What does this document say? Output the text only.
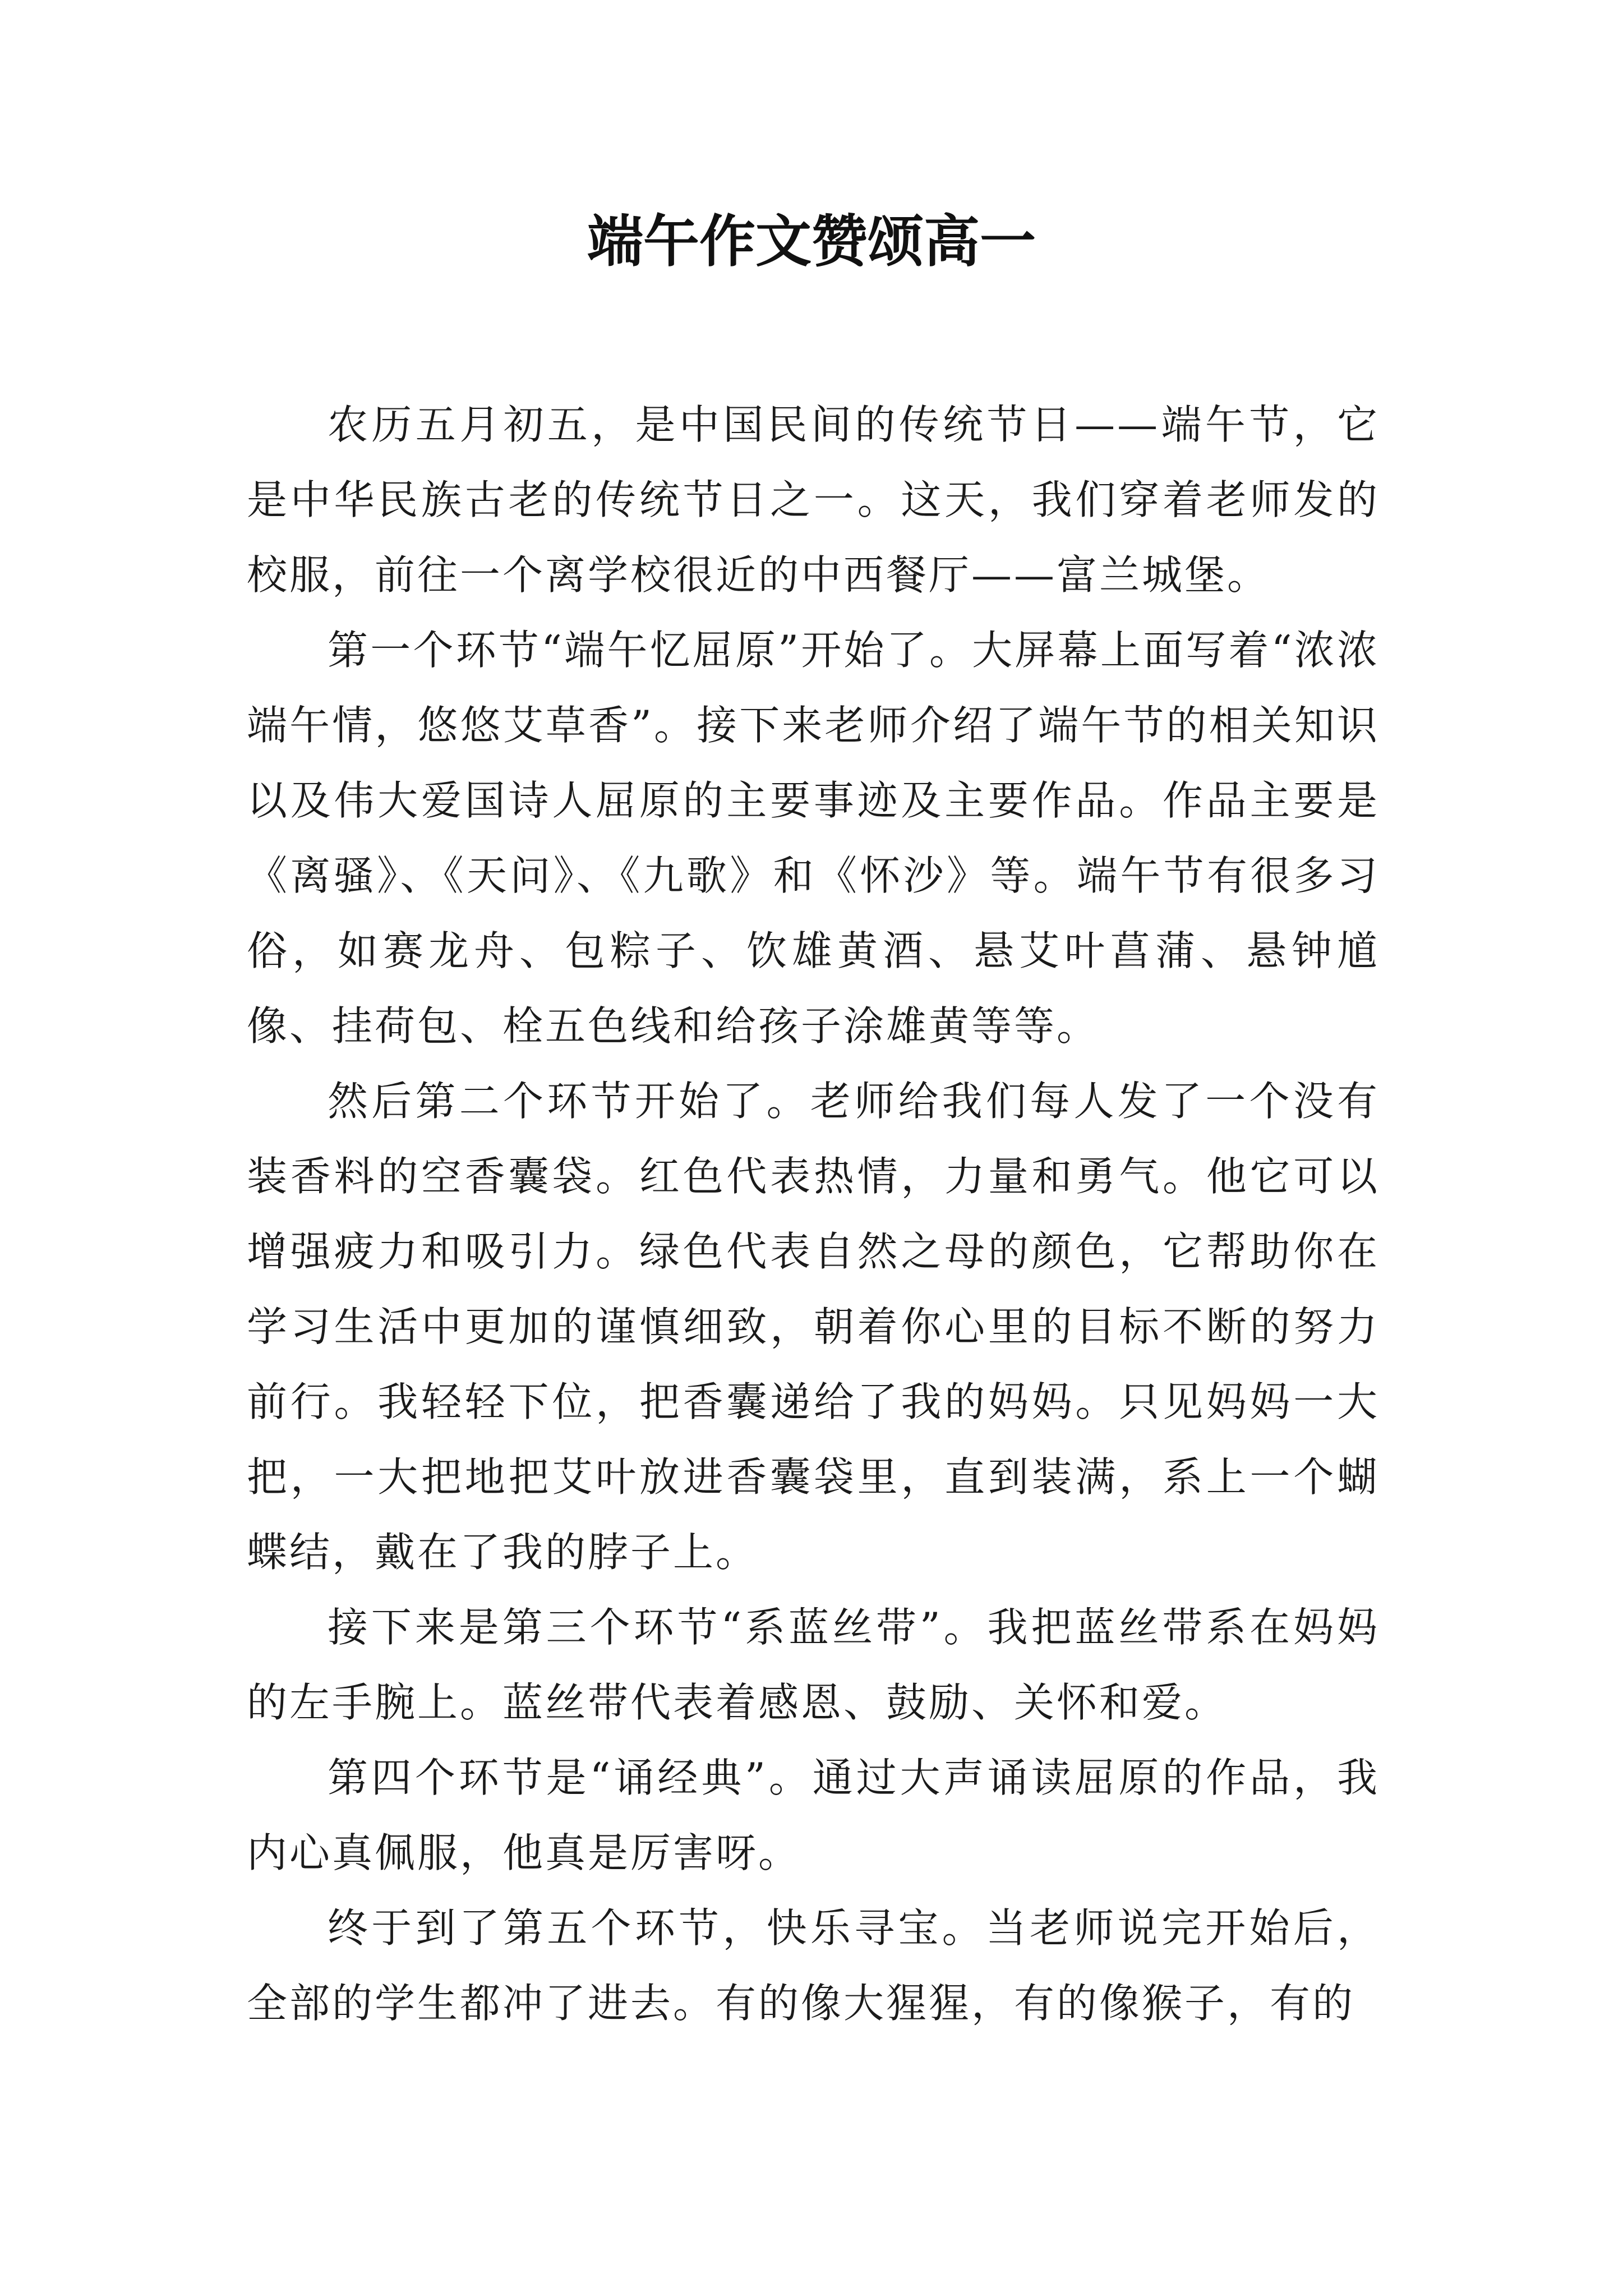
端午作文赞颂高一

农历五月初五，是中国民间的传统节日——端午节，它是中华民族古老的传统节日之一。这天，我们穿着老师发的校服，前往一个离学校很近的中西餐厅——富兰城堡。

第一个环节“端午忆屈原”开始了。大屏幕上面写着“浓浓端午情，悠悠艾草香”。接下来老师介绍了端午节的相关知识以及伟大爱国诗人屈原的主要事迹及主要作品。作品主要是《离骚》、《天问》、《九歌》和《怀沙》等。端午节有很多习俗，如赛龙舟、包粽子、饮雄黄酒、悬艾叶菖蒲、悬钟馗像、挂荷包、栓五色线和给孩子涂雄黄等等。

然后第二个环节开始了。老师给我们每人发了一个没有装香料的空香囊袋。红色代表热情，力量和勇气。他它可以增强疲力和吸引力。绿色代表自然之母的颜色，它帮助你在学习生活中更加的谨慎细致，朝着你心里的目标不断的努力前行。我轻轻下位，把香囊递给了我的妈妈。只见妈妈一大把，一大把地把艾叶放进香囊袋里，直到装满，系上一个蝴蝶结，戴在了我的脖子上。

接下来是第三个环节“系蓝丝带”。我把蓝丝带系在妈妈的左手腕上。蓝丝带代表着感恩、鼓励、关怀和爱。

第四个环节是“诵经典”。通过大声诵读屈原的作品，我内心真佩服，他真是厉害呀。

终于到了第五个环节，快乐寻宝。当老师说完开始后，全部的学生都冲了进去。有的像大猩猩，有的像猴子，有的
